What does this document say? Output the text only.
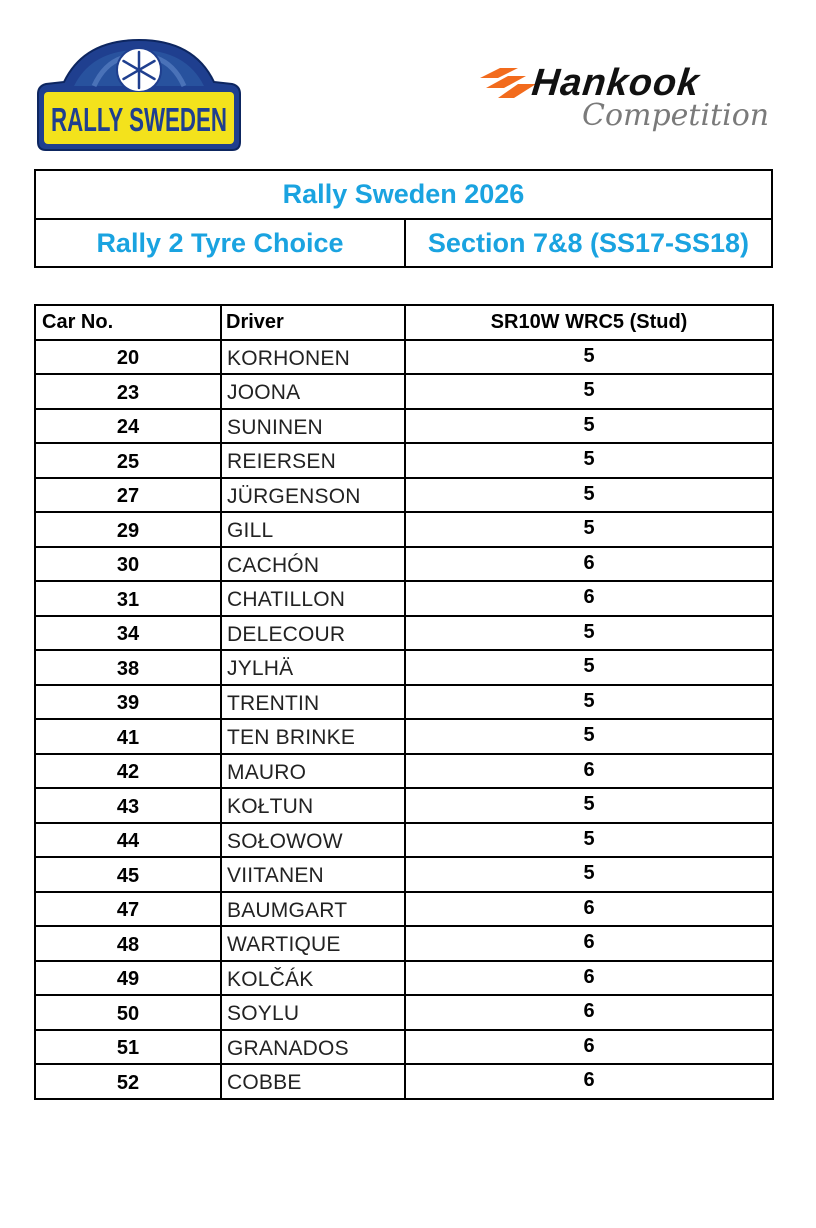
RALLY SWEDEN
Hankook
Competition
Rally Sweden 2026
Rally 2 Tyre Choice	Section 7&8 (SS17-SS18)
Car No.	Driver	SR10W WRC5 (Stud)
20	KORHONEN	5
23	JOONA	5
24	SUNINEN	5
25	REIERSEN	5
27	JÜRGENSON	5
29	GILL	5
30	CACHÓN	6
31	CHATILLON	6
34	DELECOUR	5
38	JYLHÄ	5
39	TRENTIN	5
41	TEN BRINKE	5
42	MAURO	6
43	KOŁTUN	5
44	SOŁOWOW	5
45	VIITANEN	5
47	BAUMGART	6
48	WARTIQUE	6
49	KOLČÁK	6
50	SOYLU	6
51	GRANADOS	6
52	COBBE	6
